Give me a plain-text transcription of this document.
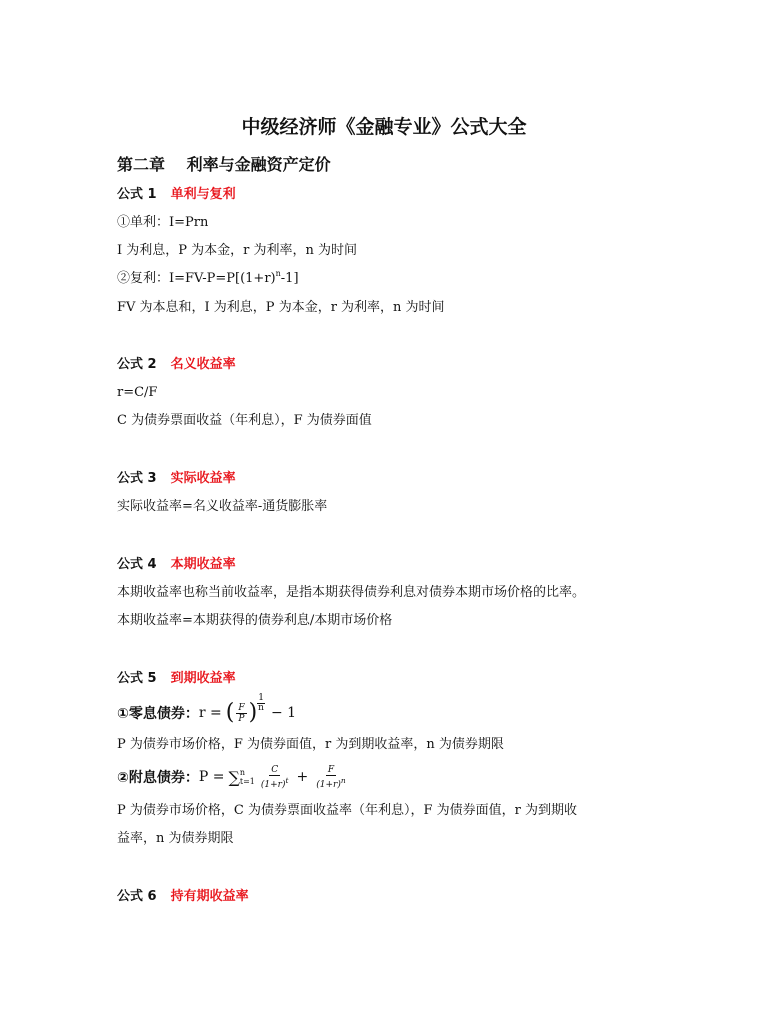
中级经济师《金融专业》公式大全
第二章　 利率与金融资产定价
公式 1 单利与复利
①单利：I=Prn
I 为利息，P 为本金，r 为利率，n 为时间
②复利：$I=FV-P=P[(1+r)^n-1]$
FV 为本息和，I 为利息，P 为本金，r 为利率，n 为时间
公式 2 名义收益率
r=C/F
C 为债券票面收益（年利息），F 为债券面值
公式 3 实际收益率
实际收益率=名义收益率-通货膨胀率
公式 4 本期收益率
本期收益率也称当前收益率，是指本期获得债券利息对债券本期市场价格的比率。
本期收益率=本期获得的债券利息/本期市场价格
公式 5 到期收益率
①零息债券： r = ( $\frac{F}{P}$ )
1
n − 1
P 为债券市场价格，F 为债券面值，r 为到期收益率，n 为债券期限
②附息债券： P = ∑ n
$t=1 \frac{C}{(1+r)^t} + \frac{F}{(1+r)^n}$
P 为债券市场价格，C 为债券票面收益率（年利息），F 为债券面值，r 为到期收
益率，n 为债券期限
公式 6 持有期收益率
